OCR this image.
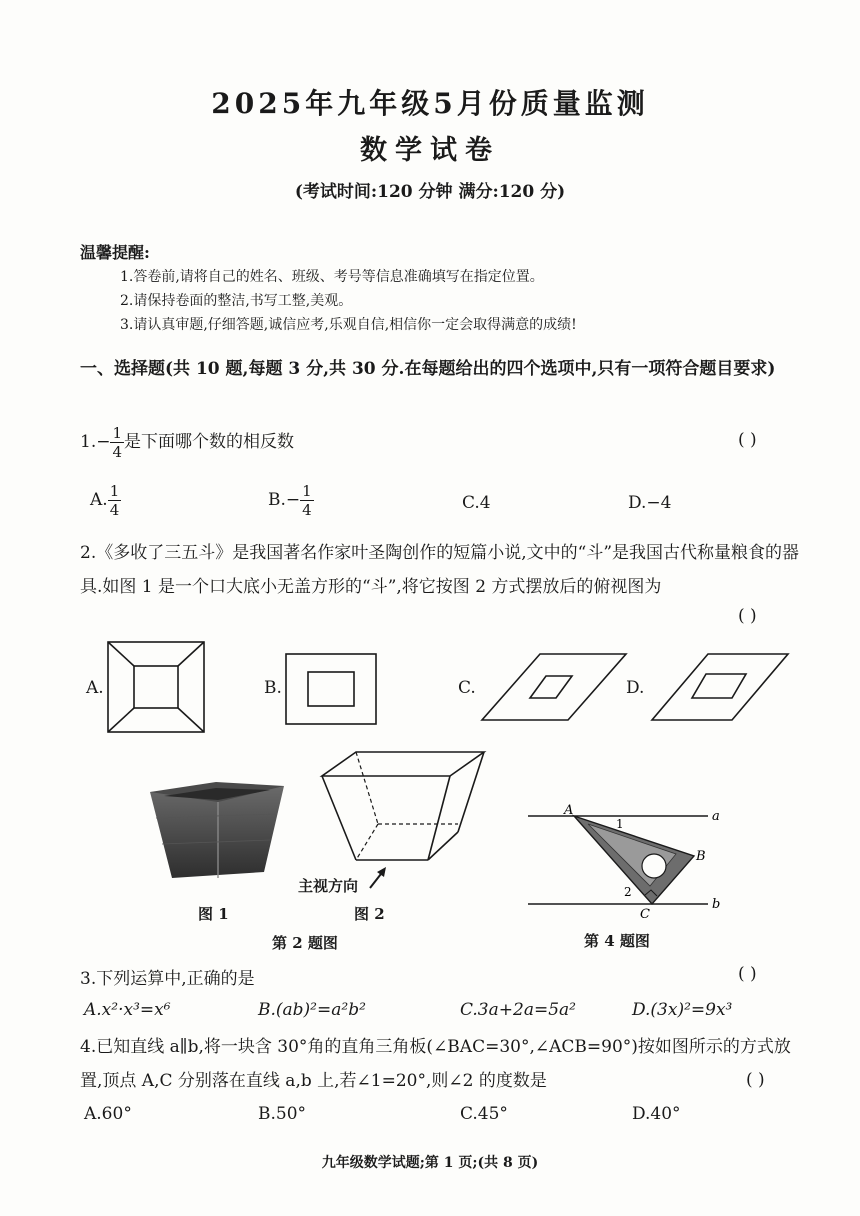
2025年九年级5月份质量监测
数学试卷
(考试时间:120 分钟 满分:120 分)
温馨提醒:
1.答卷前,请将自己的姓名、班级、考号等信息准确填写在指定位置。
2.请保持卷面的整洁,书写工整,美观。
3.请认真审题,仔细答题,诚信应考,乐观自信,相信你一定会取得满意的成绩!
一、选择题(共 10 题,每题 3 分,共 30 分.在每题给出的四个选项中,只有一项符合题目要求)
$1.- \frac{1}{4}$ 是下面哪个数的相反数	( )
A. $\frac{1}{4}$	$B.- \frac{1}{4}$	C.4	D.−4
2.《多收了三五斗》是我国著名作家叶圣陶创作的短篇小说,文中的“斗”是我国古代称量粮食的器具.如图 1 是一个口大底小无盖方形的“斗”,将它按图 2 方式摆放后的俯视图为
( )
A.	B.	C.	D.
图 1
主视方向
图 2
第 2 题图
A
B
C
a
b
1
2
第 4 题图
3.下列运算中,正确的是	( )
A.x²·x³=x⁶	B.(ab)²=a²b²	C.3a+2a=5a²	D.(3x)²=9x³
4.已知直线 a∥b,将一块含 30°角的直角三角板(∠BAC=30°,∠ACB=90°)按如图所示的方式放置,顶点 A,C 分别落在直线 a,b 上,若∠1=20°,则∠2 的度数是	( )
A.60°	B.50°	C.45°	D.40°
九年级数学试题;第 1 页;(共 8 页)
